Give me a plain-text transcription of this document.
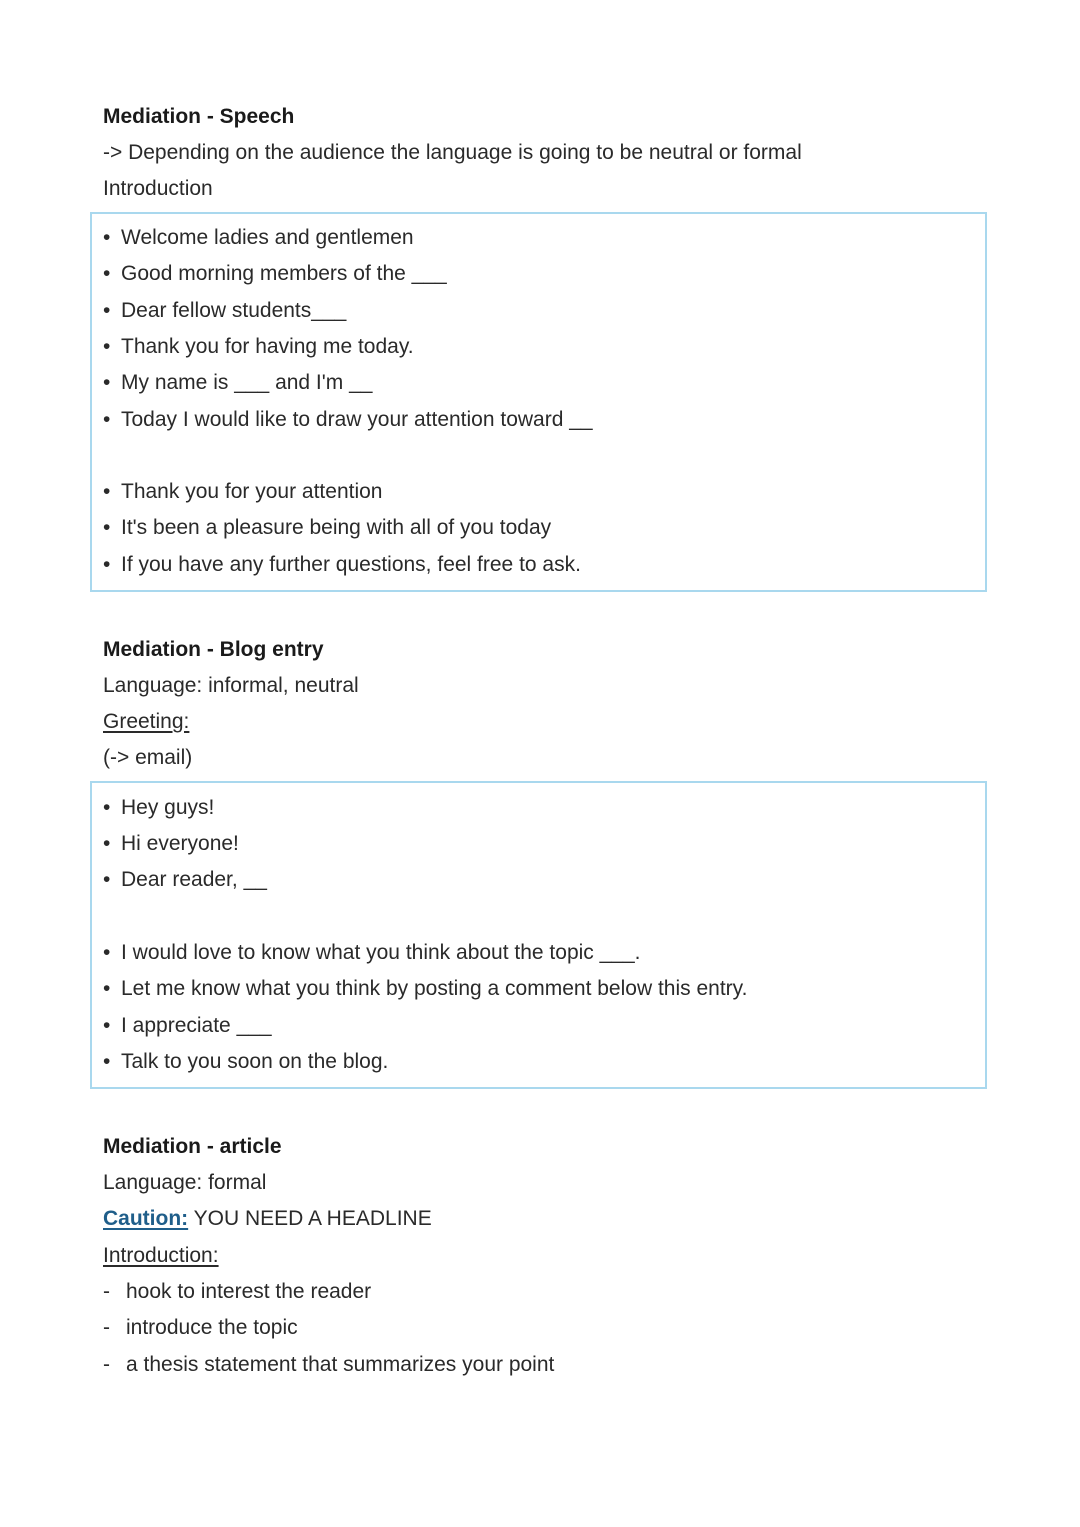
Mediation - Speech
-> Depending on the audience the language is going to be neutral or formal
Introduction
• Welcome ladies and gentlemen
• Good morning members of the ___
• Dear fellow students___
• Thank you for having me today.
• My name is ___ and I'm __
• Today I would like to draw your attention toward __
• Thank you for your attention
• It's been a pleasure being with all of you today
• If you have any further questions, feel free to ask.
Mediation - Blog entry
Language: informal, neutral
Greeting:
(-> email)
• Hey guys!
• Hi everyone!
• Dear reader, __
• I would love to know what you think about the topic ___.
• Let me know what you think by posting a comment below this entry.
• I appreciate ___
• Talk to you soon on the blog.
Mediation - article
Language: formal
Caution: YOU NEED A HEADLINE
Introduction:
- hook to interest the reader
- introduce the topic
- a thesis statement that summarizes your point
